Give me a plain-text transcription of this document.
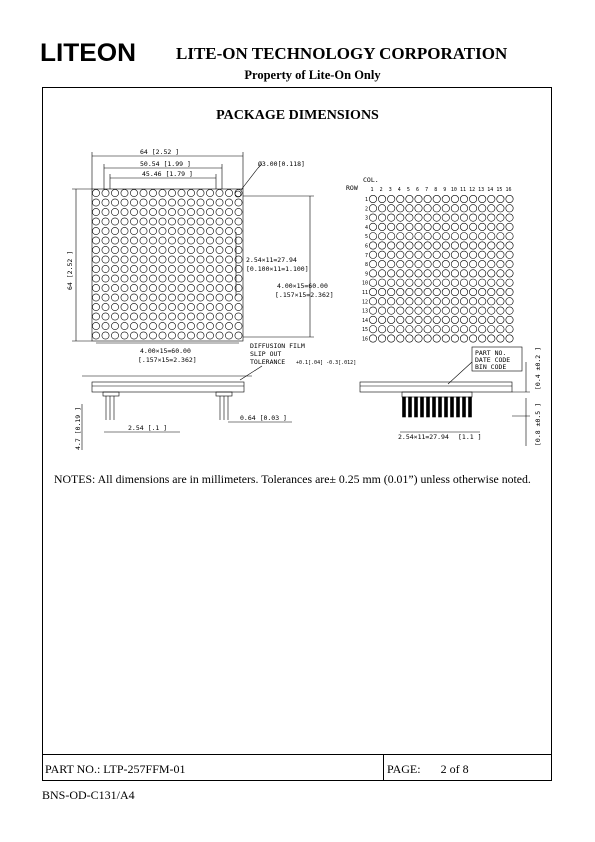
LITEON LITE-ON TECHNOLOGY CORPORATION
Property of Lite-On Only
PACKAGE DIMENSIONS
64 [2.52 ]
50.54 [1.99 ]
45.46 [1.79 ]
Ø3.00[0.118]
64 [2.52 ]	2.54×11=27.94
[0.100×11=1.100]
4.00×15=60.00
[.157×15=2.362]
4.00×15=60.00
[.157×15=2.362]
DIFFUSION FILM
SLIP OUT
TOLERANCE +0.1[.04] -0.3[.012]
4.7 [0.19 ]	2.54 [.1 ]
0.64 [0.03 ]
COL.
ROW	1 2 3 4 5 6 7 8 9 10 11 12 13 14 15 16
1
2
3
4
5
6
7
8
9
10
11
12
13
14
15
16
PART NO.
DATE CODE
BIN CODE	[0.4 ±0.2 ]
[0.8 ±0.5 ]
2.54×11=27.94 [1.1 ]
NOTES: All dimensions are in millimeters. Tolerances are± 0.25 mm (0.01”) unless otherwise noted.
PART NO.: LTP-257FFM-01	PAGE: 2 of 8
BNS-OD-C131/A4
